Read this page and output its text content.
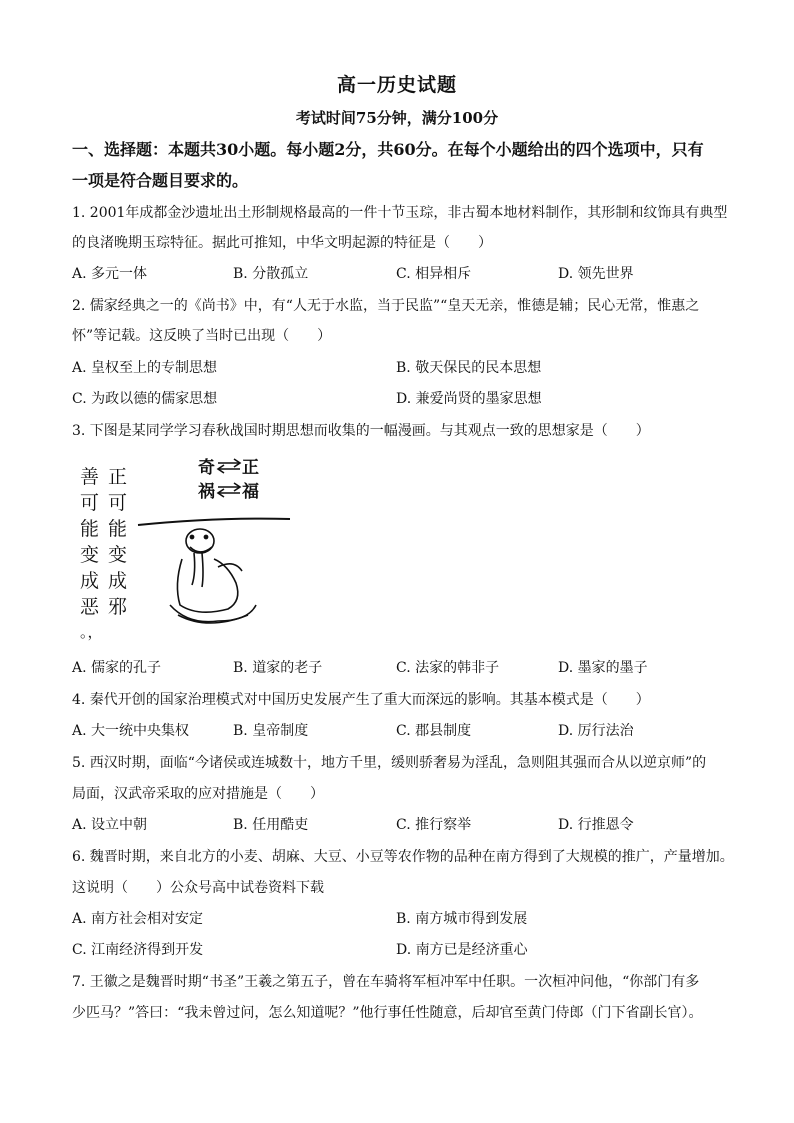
高一历史试题
考试时间75分钟，满分100分
一、选择题：本题共30小题。每小题2分，共60分。在每个小题给出的四个选项中，只有
一项是符合题目要求的。
1. 2001年成都金沙遗址出土形制规格最高的一件十节玉琮，非古蜀本地材料制作，其形制和纹饰具有典型
的良渚晚期玉琮特征。据此可推知，中华文明起源的特征是（　　）
A. 多元一体	B. 分散孤立	C. 相异相斥	D. 领先世界
2. 儒家经典之一的《尚书》中，有“人无于水监，当于民监”“皇天无亲，惟德是辅；民心无常，惟惠之
怀”等记载。这反映了当时已出现（　　）
A. 皇权至上的专制思想	B. 敬天保民的民本思想
C. 为政以德的儒家思想	D. 兼爱尚贤的墨家思想
3. 下图是某同学学习春秋战国时期思想而收集的一幅漫画。与其观点一致的思想家是（　　）
善
可
能
变
成
恶
正
可
能
变
成
邪
。，
奇 正
祸 福
A. 儒家的孔子	B. 道家的老子	C. 法家的韩非子	D. 墨家的墨子
4. 秦代开创的国家治理模式对中国历史发展产生了重大而深远的影响。其基本模式是（　　）
A. 大一统中央集权	B. 皇帝制度	C. 郡县制度	D. 厉行法治
5. 西汉时期，面临“今诸侯或连城数十，地方千里，缓则骄奢易为淫乱，急则阻其强而合从以逆京师”的
局面，汉武帝采取的应对措施是（　　）
A. 设立中朝	B. 任用酷吏	C. 推行察举	D. 行推恩令
6. 魏晋时期，来自北方的小麦、胡麻、大豆、小豆等农作物的品种在南方得到了大规模的推广，产量增加。
这说明（　　）公众号高中试卷资料下载
A. 南方社会相对安定	B. 南方城市得到发展
C. 江南经济得到开发	D. 南方已是经济重心
7. 王徽之是魏晋时期“书圣”王羲之第五子，曾在车骑将军桓冲军中任职。一次桓冲问他，“你部门有多
少匹马？”答曰：“我未曾过问，怎么知道呢？”他行事任性随意，后却官至黄门侍郎（门下省副长官）。
